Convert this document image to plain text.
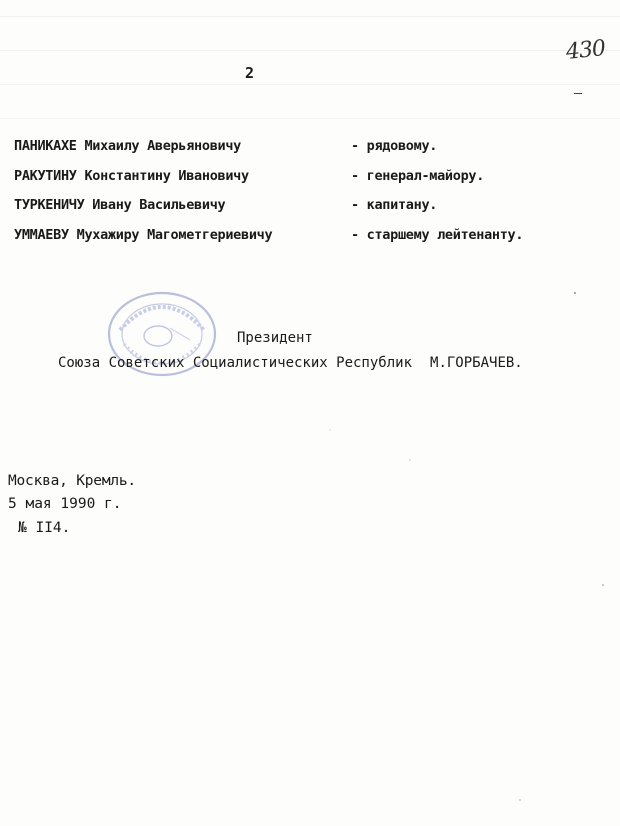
430
2
ПАНИКАХЕ Михаилу Аверьяновичу	- рядовому.
РАКУТИНУ Константину Ивановичу	- генерал-майору.
ТУРКЕНИЧУ Ивану Васильевичу	- капитану.
УММАЕВУ Мухажиру Магометгериевичу	- старшему лейтенанту.
Президент
Союза Советских Социалистических Республик М.ГОРБАЧЕВ.
Москва, Кремль.
5 мая 1990 г.
№ II4.
